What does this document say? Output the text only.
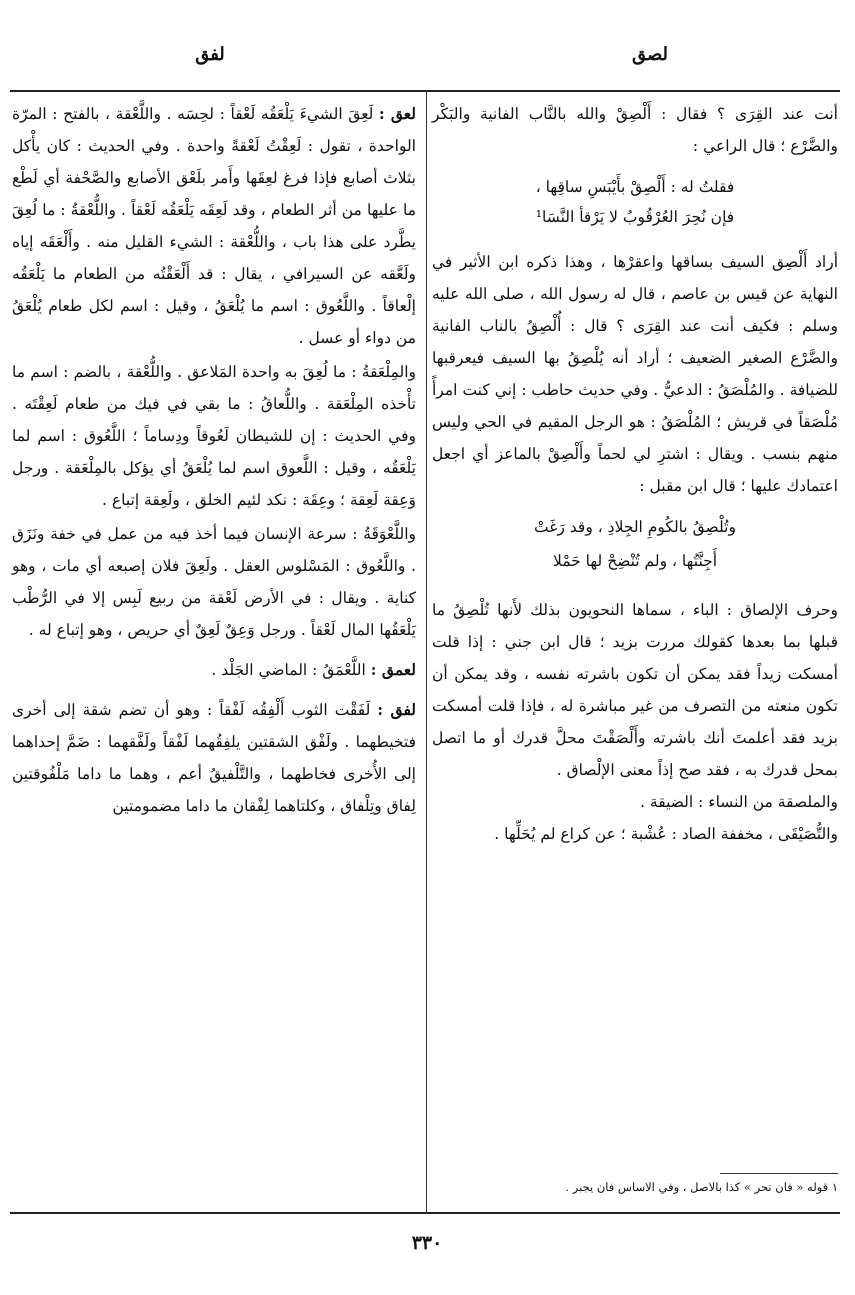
لصق
لفق

أنت عند القِرَى ؟ فقال : أَلْصِقْ والله بالنَّاب الفانية والبَكْر والضَّرْع ؛ قال الراعي :

فقلتُ له : أَلْصِقْ بأَيْبَسِ ساقِها ،
فإن نُحِرَ العُرْقُوبُ لا يَرْقأ النَّسَا¹

أراد أَلْصِق السيف بساقها واعقرْها ، وهذا ذكره ابن الأثير في النهاية عن قيس بن عاصم ، قال له رسول الله ، صلى الله عليه وسلم : فكيف أنت عند القِرَى ؟ قال : أُلْصِقُ بالناب الفانية والضَّرْع الصغير الضعيف ؛ أراد أنه يُلْصِقُ بها السيف فيعرقبها للضيافة . والمُلْصَقُ : الدعيُّ . وفي حديث حاطب : إني كنت امرأً مُلْصَقاً في قريش ؛ المُلْصَقُ : هو الرجل المقيم في الحي وليس منهم بنسب . ويقال : اشترِ لي لحماً وأَلْصِقْ بالماعز أي اجعل اعتمادك عليها ؛ قال ابن مقبل :

وتُلْصِقُ بالكُومِ الجِلادِ ، وقد رَغَتْ
أَجِنَّتُها ، ولم تُنْضِحْ لها حَمْلا

وحرف الإلصاق : الباء ، سماها النحويون بذلك لأَنها تُلْصِقُ ما قبلها بما بعدها كقولك مررت بزيد ؛ قال ابن جني : إذا قلت أمسكت زيداً فقد يمكن أن تكون باشرته نفسه ، وقد يمكن أن تكون منعته من التصرف من غير مباشرة له ، فإذا قلت أمسكت بزيد فقد أعلمتَ أنك باشرته وأَلْصَقْتَ محلَّ قدرك أو ما اتصل بمحل قدرك به ، فقد صح إذاً معنى الإلْصاق .

والملصقة من النساء : الضيقة .

والتُّصَيْقَى ، مخففة الصاد : عُشْبة ؛ عن كراع لم يُحَلِّها .

١ قوله « فان نحر » كذا بالاصل ، وفي الاساس فان يجبر .

لعق : لَعِقَ الشيءَ يَلْعَقُه لَعْقاً : لحِسَه . واللَّعْقة ، بالفتح : المرّة الواحدة ، تقول : لَعِقْتُ لَعْقةً واحدة . وفي الحديث : كان يأْكل بثلاث أصابع فإذا فرغ لعِقَها وأَمر بلَعْق الأصابع والصَّحْفة أي لَطْع ما عليها من أثر الطعام ، وقد لَعِقَه يَلْعَقُه لَعْقاً . واللُّعْقةُ : ما لُعِقَ يطَّرد على هذا باب ، واللُّعْقة : الشيء القليل منه . وأَلْعَقَه إياه ولَعَّقه عن السيرافي ، يقال : قد أَلْعَقْتُه من الطعام ما يَلْعَقُه إلْعاقاً . واللَّعُوق : اسم ما يُلْعَقُ ، وقيل : اسم لكل طعام يُلْعَقُ من دواء أو عسل .

والمِلْعَقةُ : ما لُعِقَ به واحدة المَلاعق . واللُّعْقة ، بالضم : اسم ما تأْخذه المِلْعَقة . واللُّعاقُ : ما بقي في فيك من طعام لَعِقْتَه . وفي الحديث : إن للشيطان لَعُوقاً ودِساماً ؛ اللَّعُوق : اسم لما يَلْعَقُه ، وقيل : اللَّعوق اسم لما يُلْعَقُ أي يؤكل بالمِلْعَقة . ورجل وَعِقة لَعِقة ؛ وعِقَة : نكد لئيم الخلق ، ولَعِقة إتباع .

واللَّعْوَقَةُ : سرعة الإنسان فيما أخذ فيه من عمل في خفة ونَزَق . واللَّعُوق : المَسْلوس العقل . ولَعِقَ فلان إصبعه أي مات ، وهو كناية . ويقال : في الأرض لَعْقة من ربيع لَبِس إلا في الرُّطْب يَلْعَقُها المال لَعْقاً . ورجل وَعِقٌ لَعِقٌ أي حريص ، وهو إتباع له .

لعمق : اللَّعْمَقُ : الماضي الجَلْد .

لفق : لَفَقْت الثوب أَلْفِقُه لَفْقاً : وهو أن تضم شقة إلى أخرى فتخيطهما . ولَفْق الشقتين يلفِقُهما لَفْقاً ولَفَّقهما : ضَمَّ إحداهما إلى الأُخرى فخاطهما ، والتَّلْفيقُ أعم ، وهما ما داما مَلْفُوقتين لِفاق وتِلْفاق ، وكلتاهما لِفْقان ما داما مضمومتين

٣٣٠
